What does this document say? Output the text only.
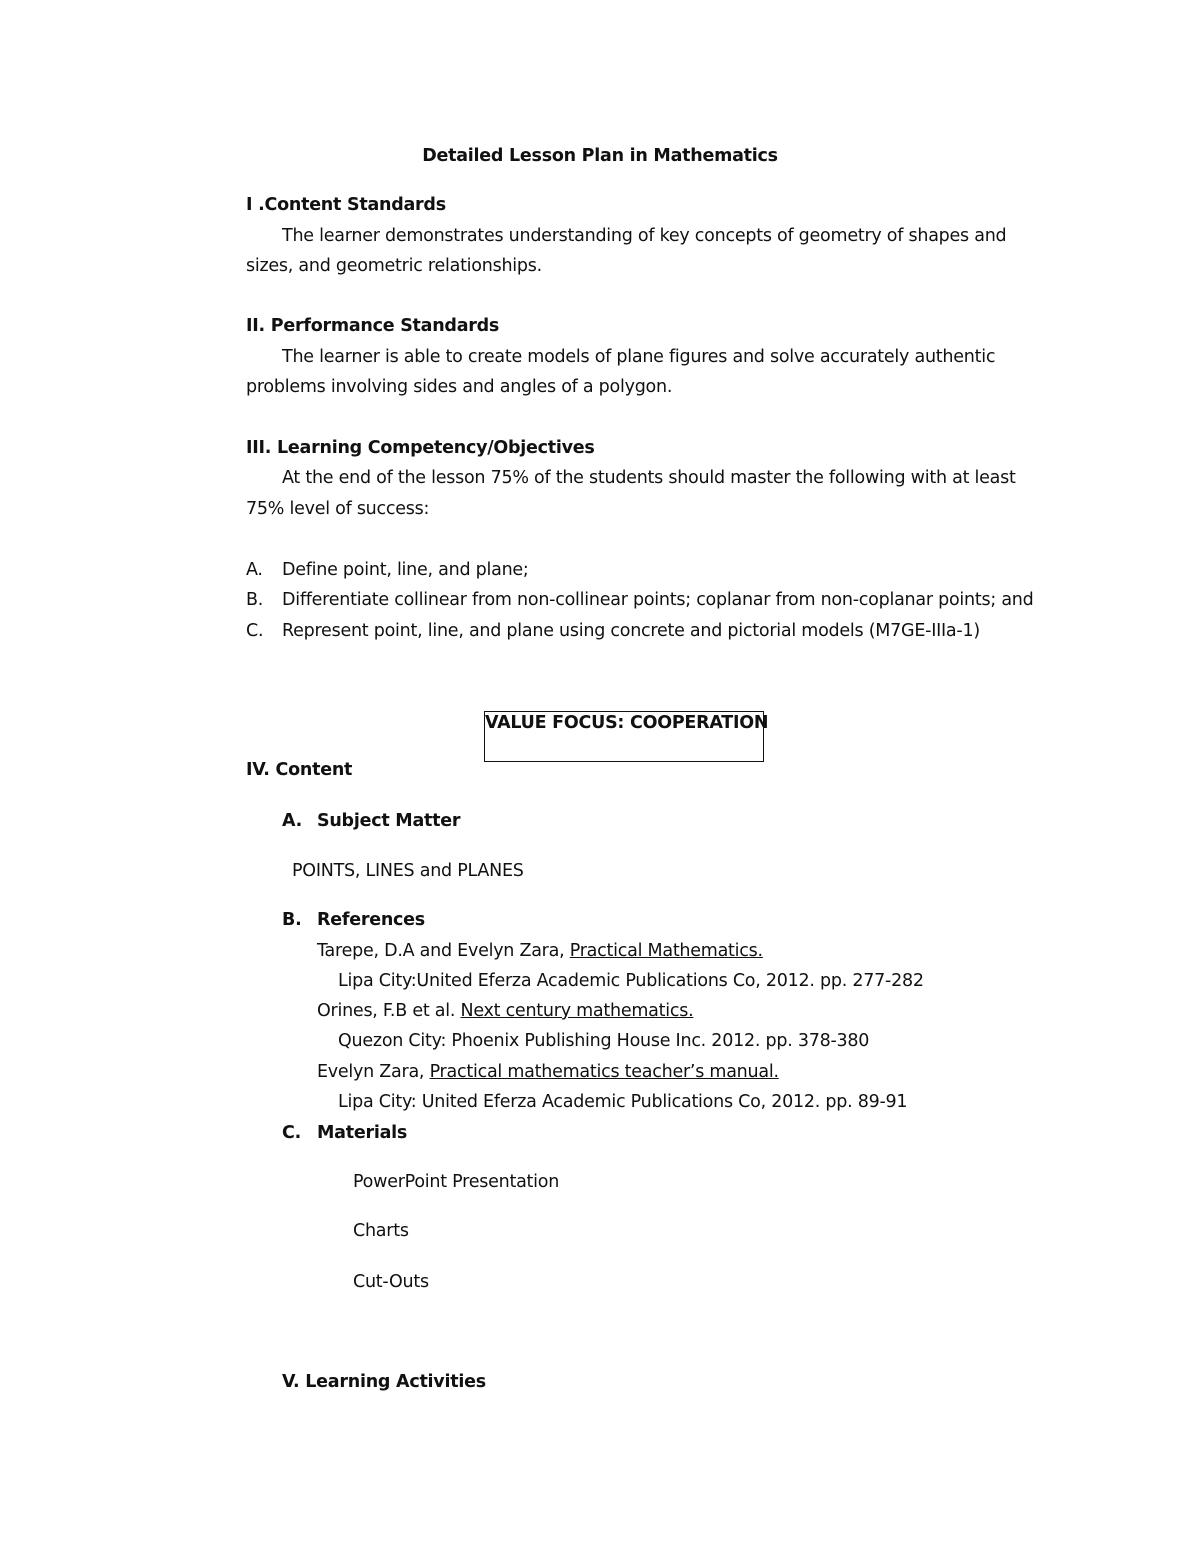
Detailed Lesson Plan in Mathematics
I .Content Standards
The learner demonstrates understanding of key concepts of geometry of shapes and
sizes, and geometric relationships.
II. Performance Standards
The learner is able to create models of plane figures and solve accurately authentic
problems involving sides and angles of a polygon.
III. Learning Competency/Objectives
At the end of the lesson 75% of the students should master the following with at least
75% level of success:
A. Define point, line, and plane;
B. Differentiate collinear from non-collinear points; coplanar from non-coplanar points; and
C. Represent point, line, and plane using concrete and pictorial models (M7GE-IIIa-1)
VALUE FOCUS: COOPERATION
IV. Content
A. Subject Matter
POINTS, LINES and PLANES
B. References
Tarepe, D.A and Evelyn Zara, Practical Mathematics.
Lipa City:United Eferza Academic Publications Co, 2012. pp. 277-282
Orines, F.B et al. Next century mathematics.
Quezon City: Phoenix Publishing House Inc. 2012. pp. 378-380
Evelyn Zara, Practical mathematics teacher’s manual.
Lipa City: United Eferza Academic Publications Co, 2012. pp. 89-91
C. Materials
PowerPoint Presentation
Charts
Cut-Outs
V. Learning Activities
